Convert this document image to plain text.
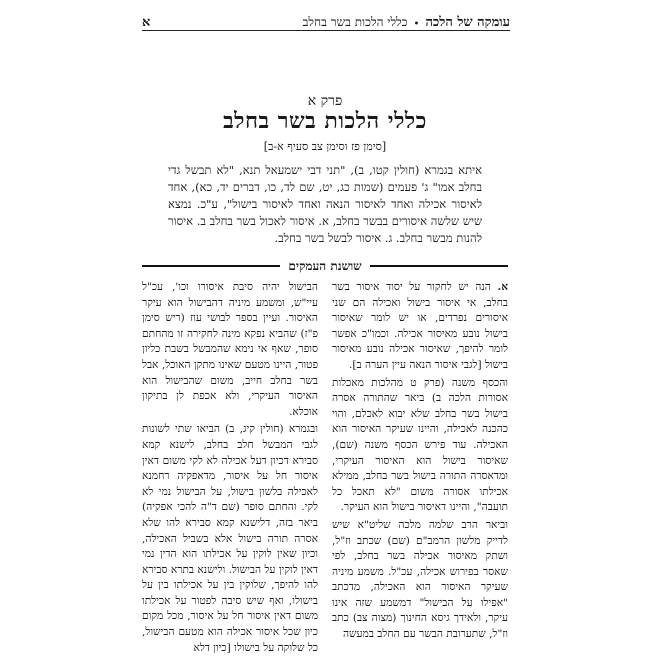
עומקה של הלכה
•
כללי הלכות בשר בחלב
א
פרק א
כללי הלכות בשר בחלב
[סימן פז וסימן צב סעיף א-ב]

איתא בגמרא (חולין קטו, ב), "תני דבי ישמעאל תנא, "לא תבשל גדי בחלב אמו" ג' פעמים (שמות כג, יט, שם לד, כו, דברים יד, כא), אחד לאיסור אכילה ואחד לאיסור הנאה ואחד לאיסור בישול", ע"כ. נמצא שיש שלשה איסורים בבשר בחלב, א. איסור לאכול בשר בחלב ב. איסור להנות מבשר בחלב. ג. איסור לבשל בשר בחלב.

שושנת העמקים

א. הנה יש לחקור על יסוד איסור בשר בחלב, אי איסור בישול ואכילה הם שני איסורים נפרדים, או יש לומר שאיסור בישול נובע מאיסור אכילה. וכמו"כ אפשר לומר להיפך, שאיסור אכילה נובע מאיסור בישול [לגבי איסור הנאה עיין הערה ב].

והכסף משנה (פרק ט מהלכות מאכלות אסורות הלכה ב) ביאר שהתורה אסרה בישול בשר בחלב שלא יבוא לאכלם, והוי כהכנה לאכילה, והיינו שעיקר האיסור הוא האכילה. עוד פירש הכסף משנה (שם), שאיסור בישול הוא האיסור העיקרי, ומדאסרה התורה בישול בשר בחלב, ממילא אכילתו אסורה משום "לא תאכל כל תועבה", והיינו דאיסור בישול הוא העיקר.

וביאר הרב שלמה מלכה שליט"א שיש לדייק מלשון הרמב"ם (שם) שכתב וז"ל, ושתק מאיסור אכילה בשר בחלב, לפי שאסר בפירוש אכילה, עכ"ל. משמע מיניה שעיקר האיסור הוא האכילה, מדכתב "אפילו על הבישול" דמשמע שזה אינו עיקר, ולאידך גיסא החינוך (מצוה צב) כתב וז"ל, שתערובת הבשר עם החלב במעשה

הבישול יהיה סיבת איסורו וכו', עכ"ל עיי"ש, ומשמע מיניה דהבישול הוא עיקר האיסור. ועיין בספר לבושי עוז (ריש סימן פ"ז) שהביא נפקא מינה לחקירה זו מהחתם סופר, שאף אי נימא שהמבשל בשבת כליון פטור, היינו מטעם שאינו מתקן האוכל, אבל בשר בחלב חייב, משום שהבישול הוא האיסור העיקרי, ולא אכפת לן בתיקון אוכלא.

ובגמרא (חולין קיג, ב) הביאו שתי לשונות לגבי המבשל חלב בחלב, לישנא קמא סבירא דכיון דעל אכילה לא לקי משום דאין איסור חל על איסור, מדאפקיה רחמנא לאכילה בלשון בישול, על הבישול נמי לא לקי. והחתם סופר (שם ד"ה להכי אפקיה) ביאר בזה, דלישנא קמא סבירא להו שלא אסרה תורה בישול אלא בשביל האכילה, וכיון שאין לוקין על אכילתו הוא הדין נמי דאין לוקין על הבישול. ולישנא בתרא סבירא להו להיפך, שלוקין בין על אכילתו בין על בישולו, ואף שיש סיבה לפטור על אכילתו משום דאין איסור חל על איסור, מכל מקום כיון שכל איסור אכילה הוא מטעם הבישול, כל שלוקה על בישולו [כיון דלא
